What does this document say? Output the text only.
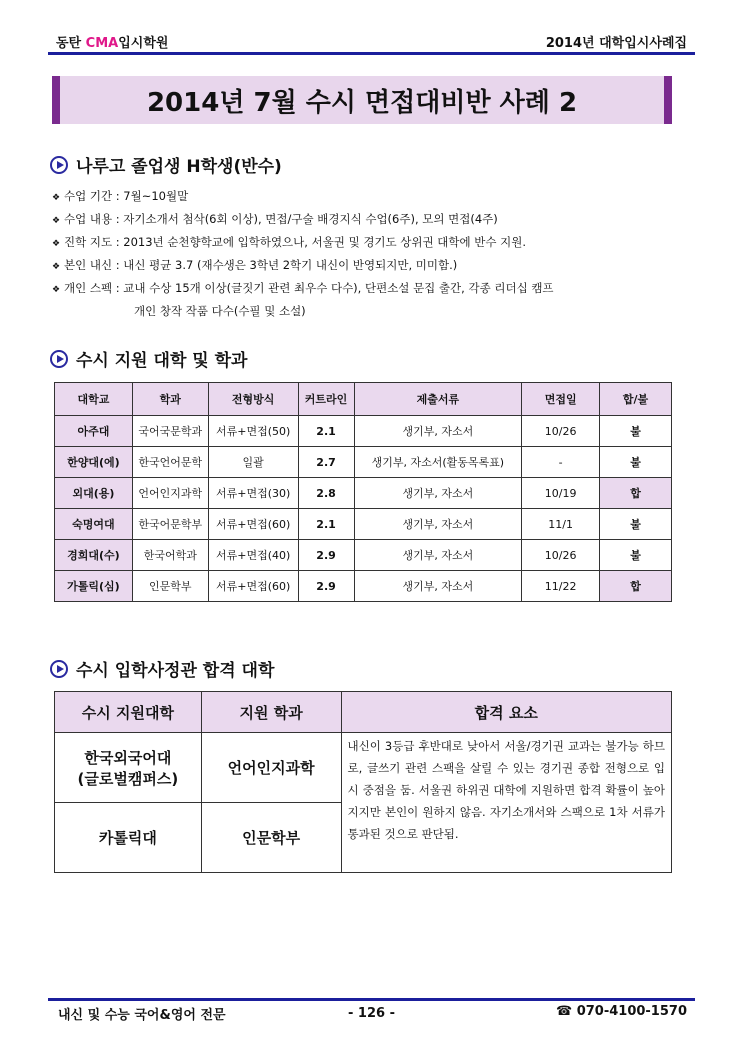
동탄 CMA입시학원	2014년 대학입시사례집
2014년 7월 수시 면접대비반 사례 2
나루고 졸업생 H학생(반수)
❖ 수업 기간 : 7월~10월말
❖ 수업 내용 : 자기소개서 첨삭(6회 이상), 면접/구술 배경지식 수업(6주), 모의 면접(4주)
❖ 진학 지도 : 2013년 순천향학교에 입학하였으나, 서울권 및 경기도 상위권 대학에 반수 지원.
❖ 본인 내신 : 내신 평균 3.7 (재수생은 3학년 2학기 내신이 반영되지만, 미미함.)
❖ 개인 스펙 : 교내 수상 15개 이상(글짓기 관련 최우수 다수), 단편소설 문집 출간, 각종 리더십 캠프
개인 창작 작품 다수(수필 및 소설)
수시 지원 대학 및 학과
대학교	학과	전형방식	커트라인	제출서류	면접일	합/불
아주대	국어국문학과	서류+면접(50)	2.1	생기부, 자소서	10/26	불
한양대(에)	한국언어문학	일괄	2.7	생기부, 자소서(활동목록표)	-	불
외대(용)	언어인지과학	서류+면접(30)	2.8	생기부, 자소서	10/19	합
숙명여대	한국어문학부	서류+면접(60)	2.1	생기부, 자소서	11/1	불
경희대(수)	한국어학과	서류+면접(40)	2.9	생기부, 자소서	10/26	불
가톨릭(심)	인문학부	서류+면접(60)	2.9	생기부, 자소서	11/22	합
수시 입학사정관 합격 대학
수시 지원대학	지원 학과	합격 요소

한국외국어대
(글로벌캠퍼스)	언어인지과학	내신이 3등급 후반대로 낮아서 서울/경기권 교과는 불가능 하므로, 글쓰기 관련 스팩을 살릴 수 있는 경기권 종합 전형으로 입시 중점을 둠. 서울권 하위권 대학에 지원하면 합격 확률이 높아지지만 본인이 원하지 않음. 자기소개서와 스팩으로 1차 서류가 통과된 것으로 판단됨.
카톨릭대	인문학부	
내신 및 수능 국어&영어 전문	- 126 -	☎ 070-4100-1570
